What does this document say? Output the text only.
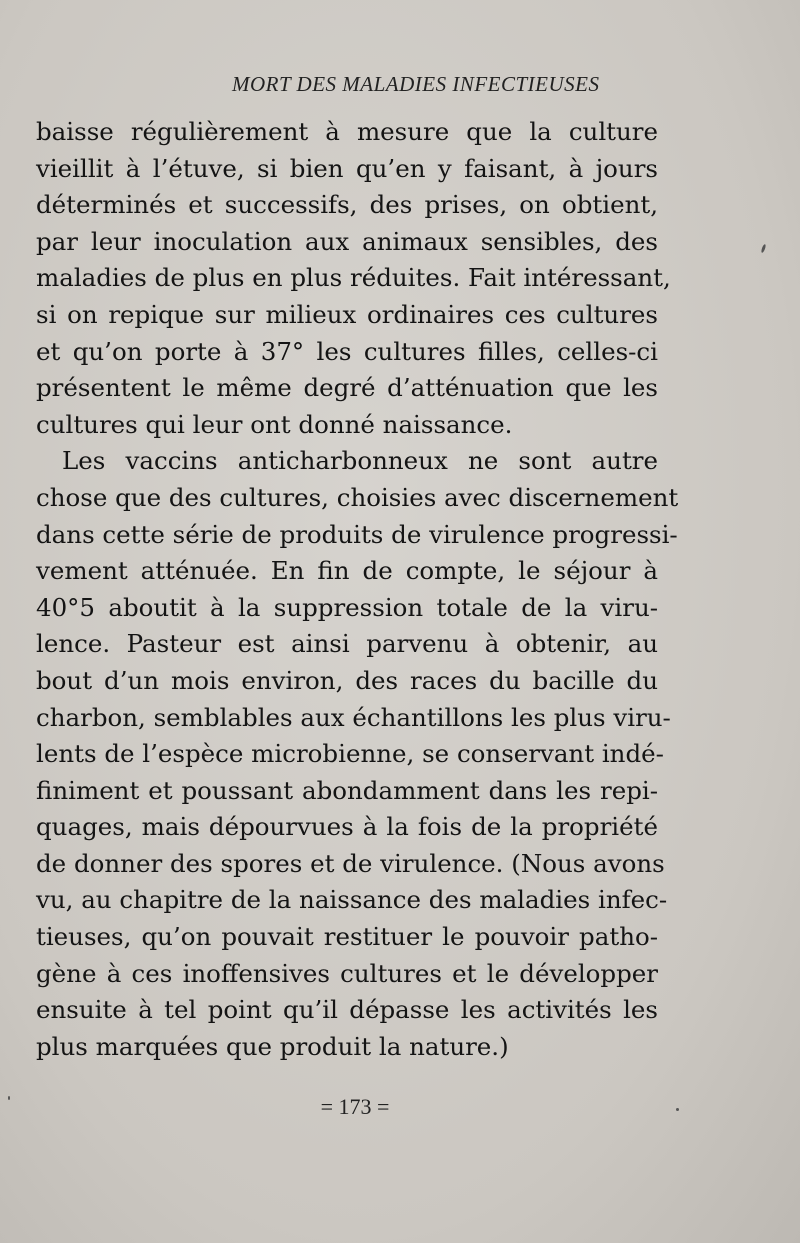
MORT DES MALADIES INFECTIEUSES
baisse régulièrement à mesure que la culture
vieillit à l’étuve, si bien qu’en y faisant, à jours
déterminés et successifs, des prises, on obtient,
par leur inoculation aux animaux sensibles, des
maladies de plus en plus réduites. Fait intéressant,
si on repique sur milieux ordinaires ces cultures
et qu’on porte à 37° les cultures filles, celles-ci
présentent le même degré d’atténuation que les
cultures qui leur ont donné naissance.
Les vaccins anticharbonneux ne sont autre
chose que des cultures, choisies avec discernement
dans cette série de produits de virulence progressi-
vement atténuée. En fin de compte, le séjour à
40°5 aboutit à la suppression totale de la viru-
lence. Pasteur est ainsi parvenu à obtenir, au
bout d’un mois environ, des races du bacille du
charbon, semblables aux échantillons les plus viru-
lents de l’espèce microbienne, se conservant indé-
finiment et poussant abondamment dans les repi-
quages, mais dépourvues à la fois de la propriété
de donner des spores et de virulence. (Nous avons
vu, au chapitre de la naissance des maladies infec-
tieuses, qu’on pouvait restituer le pouvoir patho-
gène à ces inoffensives cultures et le développer
ensuite à tel point qu’il dépasse les activités les
plus marquées que produit la nature.)
= 173 =
